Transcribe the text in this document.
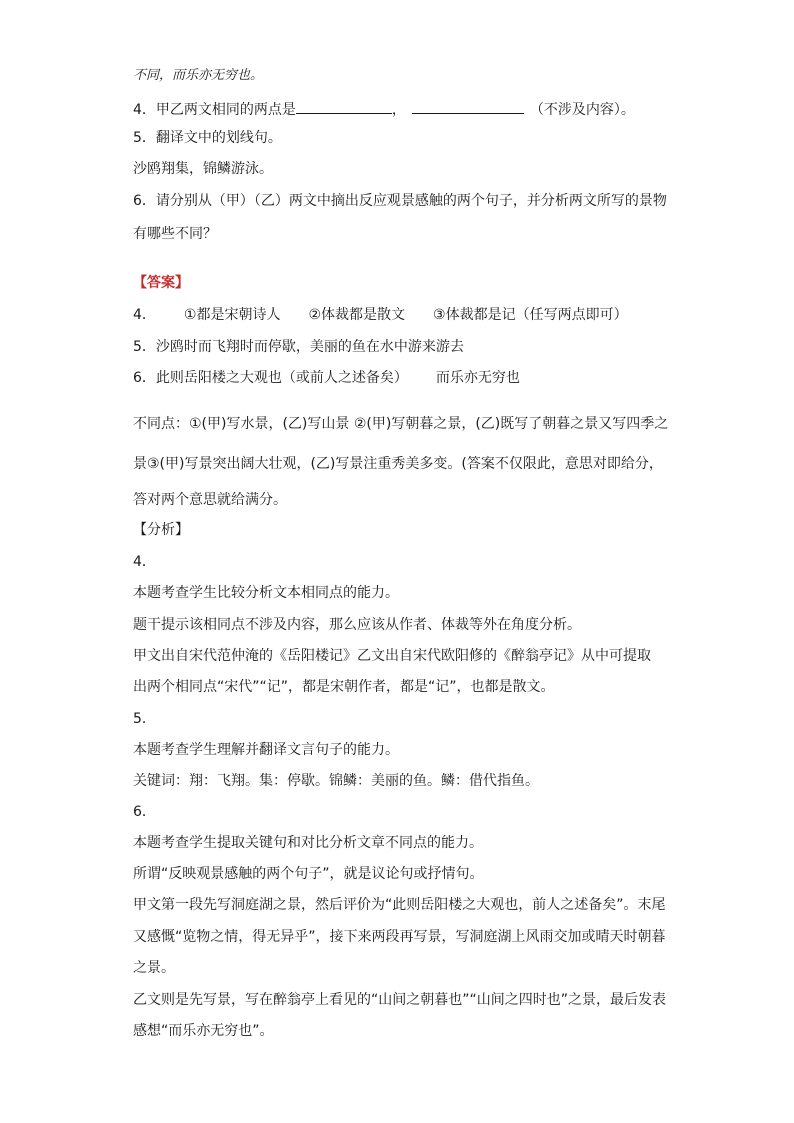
不同，而乐亦无穷也。
4．甲乙两文相同的两点是	，	（不涉及内容）。
5．翻译文中的划线句。
沙鸥翔集，锦鳞游泳。
6．请分别从（甲）（乙）两文中摘出反应观景感触的两个句子，并分析两文所写的景物
有哪些不同？
【答案】
4． ①都是宋朝诗人 ②体裁都是散文 ③体裁都是记（任写两点即可）
5．沙鸥时而飞翔时而停歇，美丽的鱼在水中游来游去
6．此则岳阳楼之大观也（或前人之述备矣） 而乐亦无穷也
不同点：①(甲)写水景，(乙)写山景 ②(甲)写朝暮之景，(乙)既写了朝暮之景又写四季之
景③(甲)写景突出阔大壮观，(乙)写景注重秀美多变。(答案不仅限此，意思对即给分，
答对两个意思就给满分。
【分析】
4．
本题考查学生比较分析文本相同点的能力。
题干提示该相同点不涉及内容，那么应该从作者、体裁等外在角度分析。
甲文出自宋代范仲淹的《岳阳楼记》乙文出自宋代欧阳修的《醉翁亭记》从中可提取
出两个相同点“宋代”“记”，都是宋朝作者，都是“记”，也都是散文。
5．
本题考查学生理解并翻译文言句子的能力。
关键词：翔：飞翔。集：停歇。锦鳞：美丽的鱼。鳞：借代指鱼。
6．
本题考查学生提取关键句和对比分析文章不同点的能力。
所谓“反映观景感触的两个句子”，就是议论句或抒情句。
甲文第一段先写洞庭湖之景，然后评价为“此则岳阳楼之大观也，前人之述备矣”。末尾
又感慨“览物之情，得无异乎”，接下来两段再写景，写洞庭湖上风雨交加或晴天时朝暮
之景。
乙文则是先写景，写在醉翁亭上看见的“山间之朝暮也”“山间之四时也”之景，最后发表
感想“而乐亦无穷也”。
